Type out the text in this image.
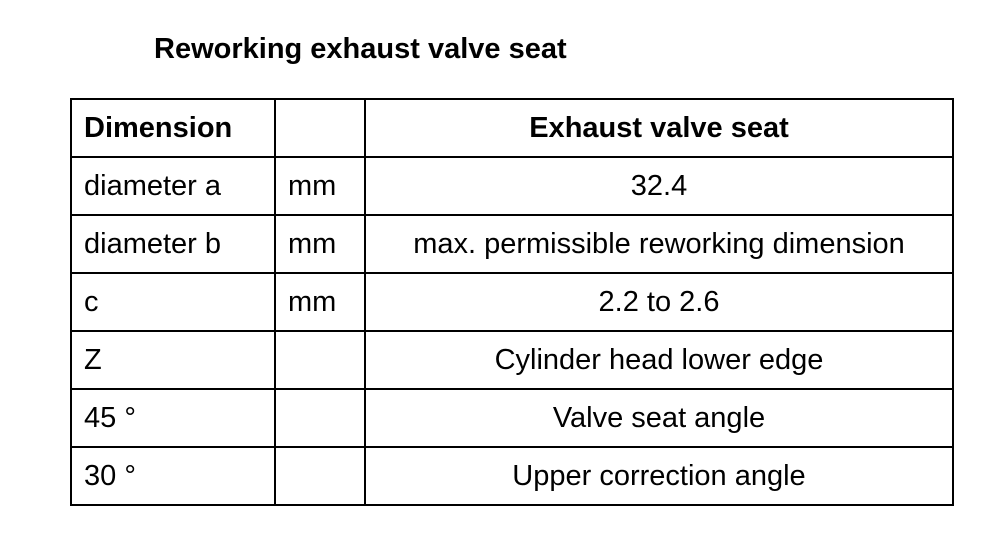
Reworking exhaust valve seat
Dimension		Exhaust valve seat
diameter a	mm	32.4
diameter b	mm	max. permissible reworking dimension
c	mm	2.2 to 2.6
Z		Cylinder head lower edge
45 °		Valve seat angle
30 °		Upper correction angle
